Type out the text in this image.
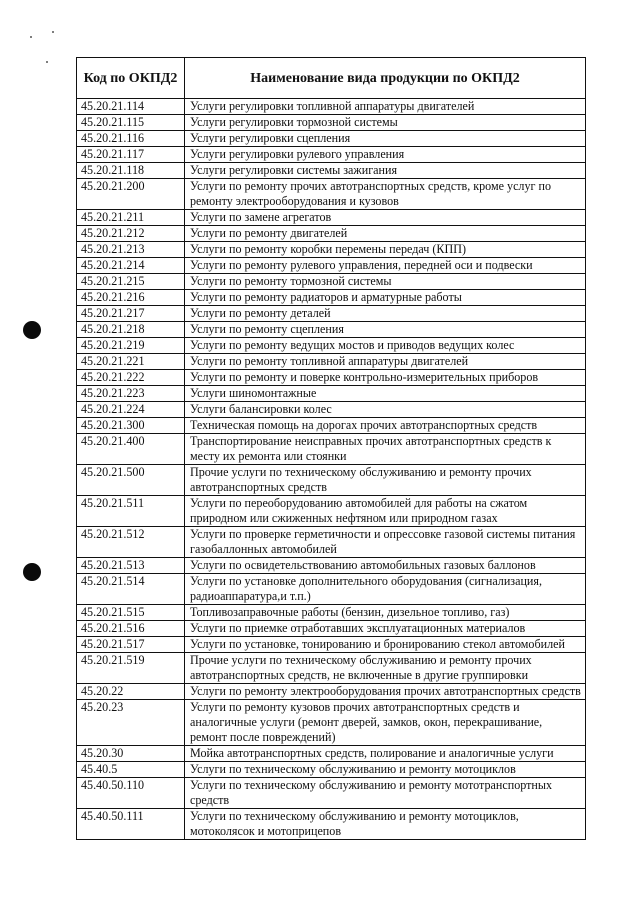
Код по ОКПД2	Наименование вида продукции по ОКПД2
45.20.21.114	Услуги регулировки топливной аппаратуры двигателей
45.20.21.115	Услуги регулировки тормозной системы
45.20.21.116	Услуги регулировки сцепления
45.20.21.117	Услуги регулировки рулевого управления
45.20.21.118	Услуги регулировки системы зажигания
45.20.21.200	Услуги по ремонту прочих автотранспортных средств, кроме услуг по ремонту электрооборудования и кузовов
45.20.21.211	Услуги по замене агрегатов
45.20.21.212	Услуги по ремонту двигателей
45.20.21.213	Услуги по ремонту коробки перемены передач (КПП)
45.20.21.214	Услуги по ремонту рулевого управления, передней оси и подвески
45.20.21.215	Услуги по ремонту тормозной системы
45.20.21.216	Услуги по ремонту радиаторов и арматурные работы
45.20.21.217	Услуги по ремонту деталей
45.20.21.218	Услуги по ремонту сцепления
45.20.21.219	Услуги по ремонту ведущих мостов и приводов ведущих колес
45.20.21.221	Услуги по ремонту топливной аппаратуры двигателей
45.20.21.222	Услуги по ремонту и поверке контрольно-измерительных приборов
45.20.21.223	Услуги шиномонтажные
45.20.21.224	Услуги балансировки колес
45.20.21.300	Техническая помощь на дорогах прочих автотранспортных средств
45.20.21.400	Транспортирование неисправных прочих автотранспортных средств к месту их ремонта или стоянки
45.20.21.500	Прочие услуги по техническому обслуживанию и ремонту прочих автотранспортных средств
45.20.21.511	Услуги по переоборудованию автомобилей для работы на сжатом природном или сжиженных нефтяном или природном газах
45.20.21.512	Услуги по проверке герметичности и опрессовке газовой системы питания газобаллонных автомобилей
45.20.21.513	Услуги по освидетельствованию автомобильных газовых баллонов
45.20.21.514	Услуги по установке дополнительного оборудования (сигнализация, радиоаппаратура,и т.п.)
45.20.21.515	Топливозаправочные работы (бензин, дизельное топливо, газ)
45.20.21.516	Услуги по приемке отработавших эксплуатационных материалов
45.20.21.517	Услуги по установке, тонированию и бронированию стекол автомобилей
45.20.21.519	Прочие услуги по техническому обслуживанию и ремонту прочих автотранспортных средств, не включенные в другие группировки
45.20.22	Услуги по ремонту электрооборудования прочих автотранспортных средств
45.20.23	Услуги по ремонту кузовов прочих автотранспортных средств и аналогичные услуги (ремонт дверей, замков, окон, перекрашивание, ремонт после повреждений)
45.20.30	Мойка автотранспортных средств, полирование и аналогичные услуги
45.40.5	Услуги по техническому обслуживанию и ремонту мотоциклов
45.40.50.110	Услуги по техническому обслуживанию и ремонту мототранспортных средств
45.40.50.111	Услуги по техническому обслуживанию и ремонту мотоциклов, мотоколясок и мотоприцепов
